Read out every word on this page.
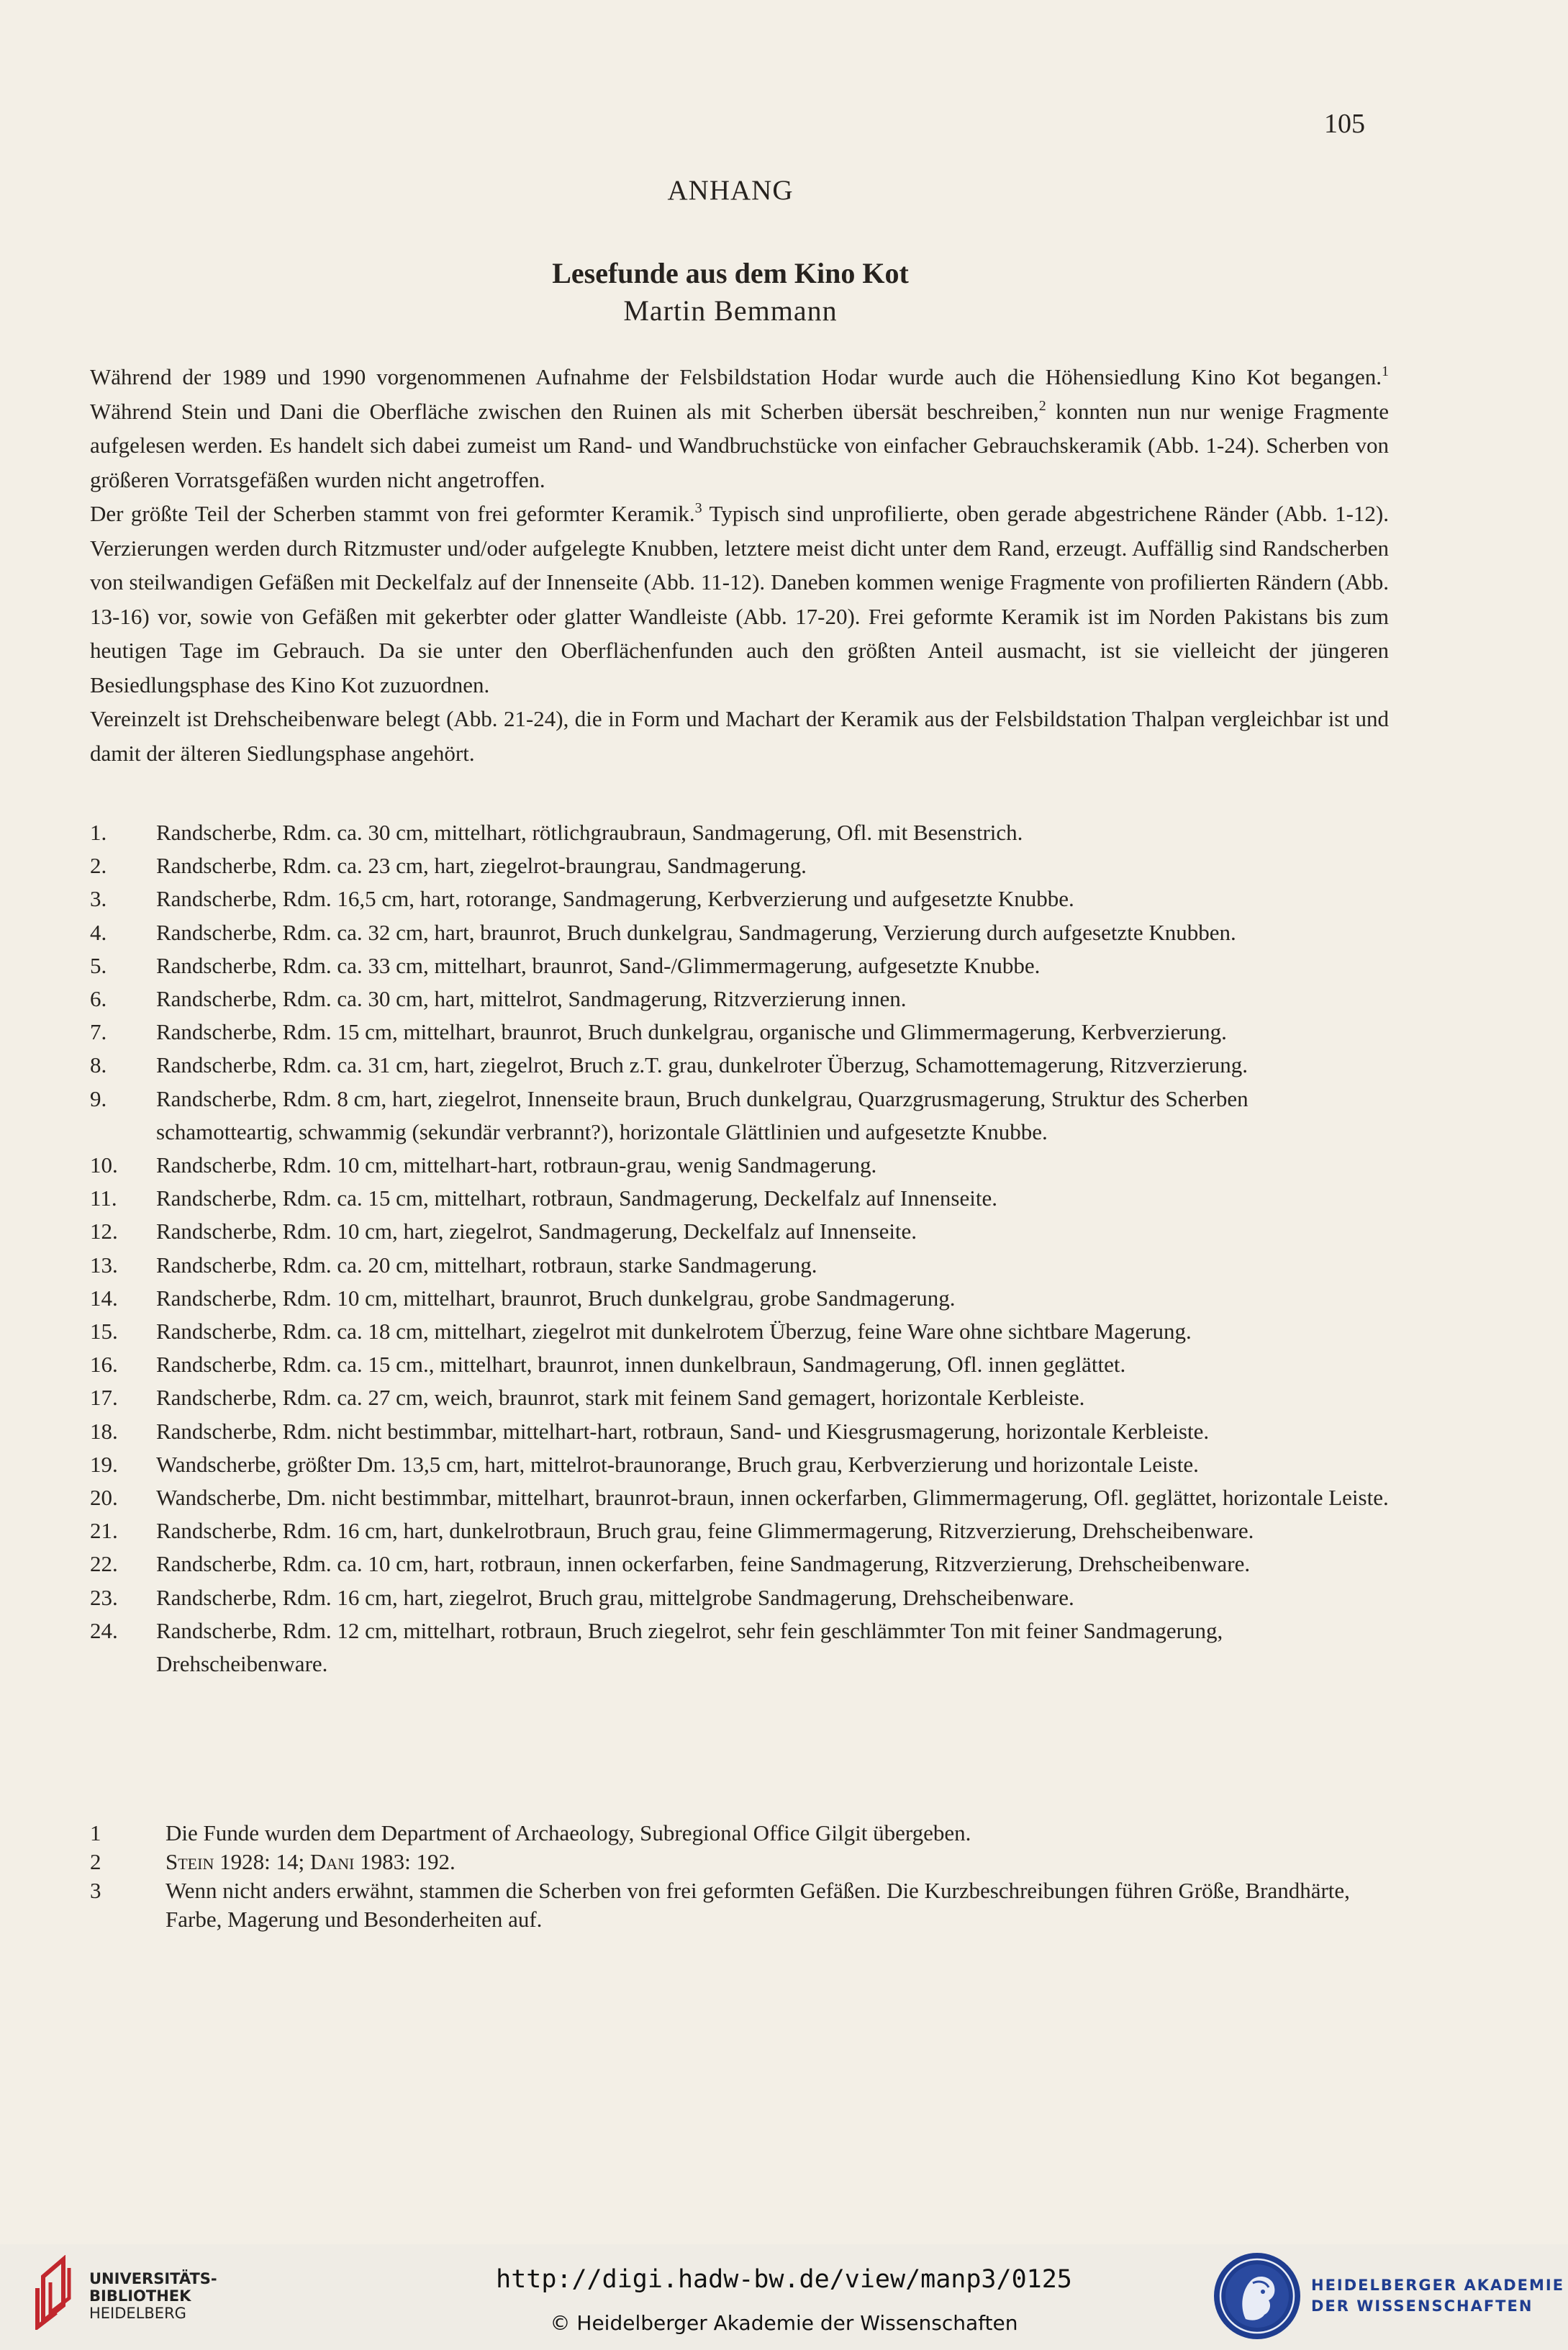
105
ANHANG
Lesefunde aus dem Kino Kot
Martin Bemmann

Während der 1989 und 1990 vorgenommenen Aufnahme der Felsbildstation Hodar wurde auch die Höhensiedlung Kino Kot begangen.$^1$ Während Stein und Dani die Oberfläche zwischen den Ruinen als mit Scherben übersät beschreiben,$^2$ konnten nun nur wenige Fragmente aufgelesen werden. Es handelt sich dabei zumeist um Rand- und Wandbruchstücke von einfacher Gebrauchskeramik (Abb. 1-24). Scherben von größeren Vorratsgefäßen wurden nicht angetroffen.

Der größte Teil der Scherben stammt von frei geformter Keramik.$^3$ Typisch sind unprofilierte, oben gerade abgestrichene Ränder (Abb. 1-12). Verzierungen werden durch Ritzmuster und/oder aufgelegte Knubben, letztere meist dicht unter dem Rand, erzeugt. Auffällig sind Randscherben von steilwandigen Gefäßen mit Deckelfalz auf der Innenseite (Abb. 11-12). Daneben kommen wenige Fragmente von profilierten Rändern (Abb. 13-16) vor, sowie von Gefäßen mit gekerbter oder glatter Wandleiste (Abb. 17-20). Frei geformte Keramik ist im Norden Pakistans bis zum heutigen Tage im Gebrauch. Da sie unter den Oberflächenfunden auch den größten Anteil ausmacht, ist sie vielleicht der jüngeren Besiedlungsphase des Kino Kot zuzuordnen.

Vereinzelt ist Drehscheibenware belegt (Abb. 21-24), die in Form und Machart der Keramik aus der Felsbildstation Thalpan vergleichbar ist und damit der älteren Siedlungsphase angehört.

1.	Randscherbe, Rdm. ca. 30 cm, mittelhart, rötlichgraubraun, Sandmagerung, Ofl. mit Besenstrich.
2.	Randscherbe, Rdm. ca. 23 cm, hart, ziegelrot-braungrau, Sandmagerung.
3.	Randscherbe, Rdm. 16,5 cm, hart, rotorange, Sandmagerung, Kerbverzierung und aufgesetzte Knubbe.
4.	Randscherbe, Rdm. ca. 32 cm, hart, braunrot, Bruch dunkelgrau, Sandmagerung, Verzierung durch aufgesetzte Knubben.
5.	Randscherbe, Rdm. ca. 33 cm, mittelhart, braunrot, Sand-/Glimmermagerung, aufgesetzte Knubbe.
6.	Randscherbe, Rdm. ca. 30 cm, hart, mittelrot, Sandmagerung, Ritzverzierung innen.
7.	Randscherbe, Rdm. 15 cm, mittelhart, braunrot, Bruch dunkelgrau, organische und Glimmermagerung, Kerbverzierung.
8.	Randscherbe, Rdm. ca. 31 cm, hart, ziegelrot, Bruch z.T. grau, dunkelroter Überzug, Schamottemagerung, Ritzverzierung.
9.	Randscherbe, Rdm. 8 cm, hart, ziegelrot, Innenseite braun, Bruch dunkelgrau, Quarzgrusmagerung, Struktur des Scherben schamotteartig, schwammig (sekundär verbrannt?), horizontale Glättlinien und aufgesetzte Knubbe.
10.	Randscherbe, Rdm. 10 cm, mittelhart-hart, rotbraun-grau, wenig Sandmagerung.
11.	Randscherbe, Rdm. ca. 15 cm, mittelhart, rotbraun, Sandmagerung, Deckelfalz auf Innenseite.
12.	Randscherbe, Rdm. 10 cm, hart, ziegelrot, Sandmagerung, Deckelfalz auf Innenseite.
13.	Randscherbe, Rdm. ca. 20 cm, mittelhart, rotbraun, starke Sandmagerung.
14.	Randscherbe, Rdm. 10 cm, mittelhart, braunrot, Bruch dunkelgrau, grobe Sandmagerung.
15.	Randscherbe, Rdm. ca. 18 cm, mittelhart, ziegelrot mit dunkelrotem Überzug, feine Ware ohne sichtbare Magerung.
16.	Randscherbe, Rdm. ca. 15 cm., mittelhart, braunrot, innen dunkelbraun, Sandmagerung, Ofl. innen geglättet.
17.	Randscherbe, Rdm. ca. 27 cm, weich, braunrot, stark mit feinem Sand gemagert, horizontale Kerbleiste.
18.	Randscherbe, Rdm. nicht bestimmbar, mittelhart-hart, rotbraun, Sand- und Kiesgrusmagerung, horizontale Kerbleiste.
19.	Wandscherbe, größter Dm. 13,5 cm, hart, mittelrot-braunorange, Bruch grau, Kerbverzierung und horizontale Leiste.
20.	Wandscherbe, Dm. nicht bestimmbar, mittelhart, braunrot-braun, innen ockerfarben, Glimmermagerung, Ofl. geglättet, horizontale Leiste.
21.	Randscherbe, Rdm. 16 cm, hart, dunkelrotbraun, Bruch grau, feine Glimmermagerung, Ritzverzierung, Drehscheibenware.
22.	Randscherbe, Rdm. ca. 10 cm, hart, rotbraun, innen ockerfarben, feine Sandmagerung, Ritzverzierung, Drehscheibenware.
23.	Randscherbe, Rdm. 16 cm, hart, ziegelrot, Bruch grau, mittelgrobe Sandmagerung, Drehscheibenware.
24.	Randscherbe, Rdm. 12 cm, mittelhart, rotbraun, Bruch ziegelrot, sehr fein geschlämmter Ton mit feiner Sandmagerung, Drehscheibenware.
1	Die Funde wurden dem Department of Archaeology, Subregional Office Gilgit übergeben.
2	Stein 1928: 14; Dani 1983: 192.
3	Wenn nicht anders erwähnt, stammen die Scherben von frei geformten Gefäßen. Die Kurzbeschreibungen führen Größe, Brandhärte, Farbe, Magerung und Besonderheiten auf.
UNIVERSITÄTS-
BIBLIOTHEK
HEIDELBERG
http://digi.hadw-bw.de/view/manp3/0125
© Heidelberger Akademie der Wissenschaften
HEIDELBERGER AKADEMIE
DER WISSENSCHAFTEN
